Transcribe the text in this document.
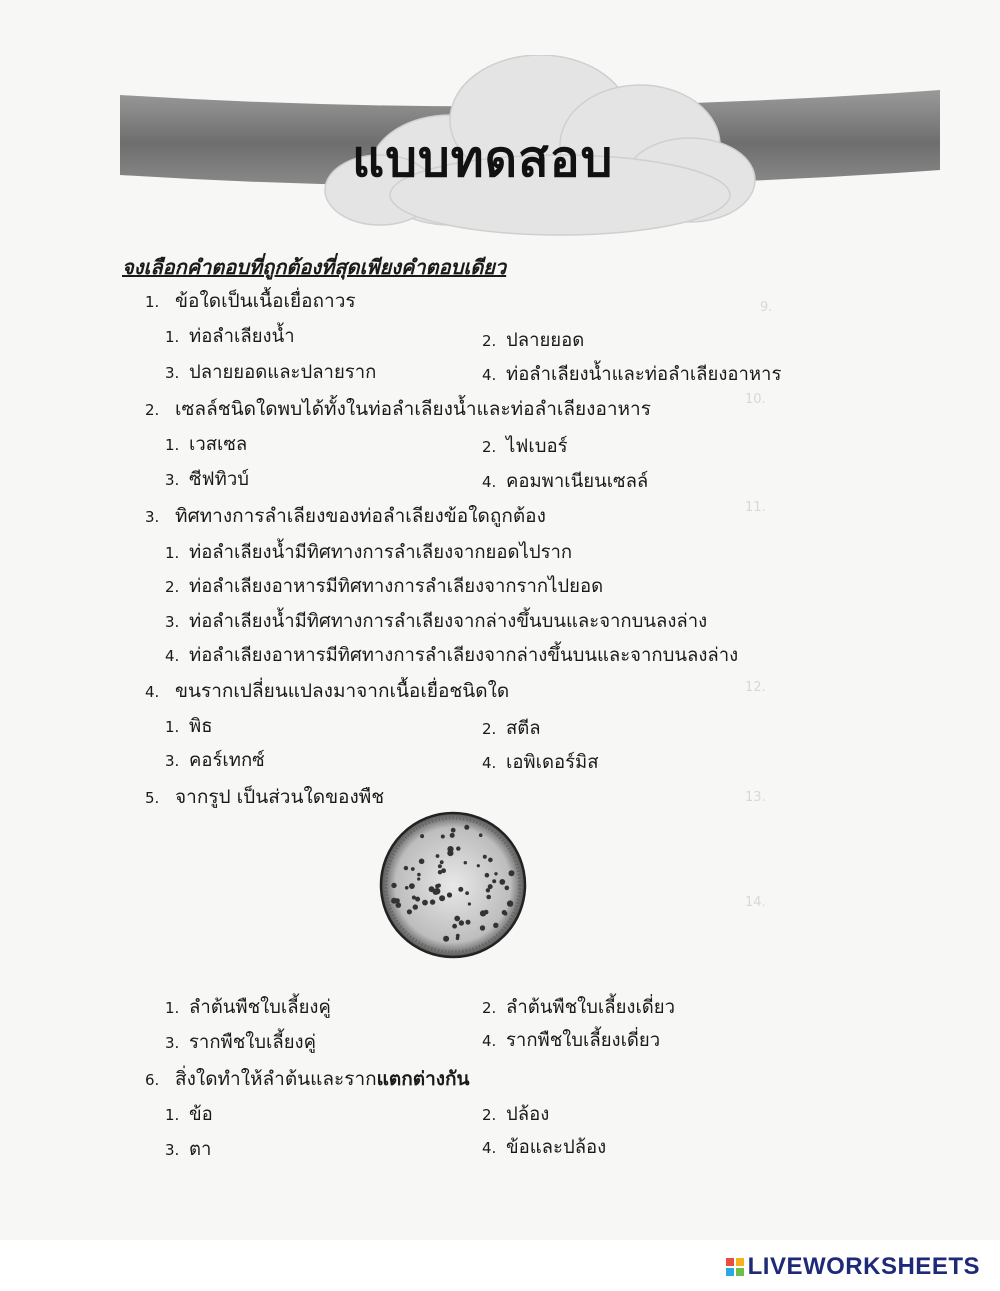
9.
10.
11.
12.
13.
14.
แบบทดสอบ
จงเลือกคำตอบที่ถูกต้องที่สุดเพียงคำตอบเดียว
1. ข้อใดเป็นเนื้อเยื่อถาวร
1. ท่อลำเลียงน้ำ	2. ปลายยอด
3. ปลายยอดและปลายราก	4. ท่อลำเลียงน้ำและท่อลำเลียงอาหาร
2. เซลล์ชนิดใดพบได้ทั้งในท่อลำเลียงน้ำและท่อลำเลียงอาหาร
1. เวสเซล	2. ไฟเบอร์
3. ซีฟทิวบ์	4. คอมพาเนียนเซลล์
3. ทิศทางการลำเลียงของท่อลำเลียงข้อใดถูกต้อง
1. ท่อลำเลียงน้ำมีทิศทางการลำเลียงจากยอดไปราก
2. ท่อลำเลียงอาหารมีทิศทางการลำเลียงจากรากไปยอด
3. ท่อลำเลียงน้ำมีทิศทางการลำเลียงจากล่างขึ้นบนและจากบนลงล่าง
4. ท่อลำเลียงอาหารมีทิศทางการลำเลียงจากล่างขึ้นบนและจากบนลงล่าง
4. ขนรากเปลี่ยนแปลงมาจากเนื้อเยื่อชนิดใด
1. พิธ	2. สตีล
3. คอร์เทกซ์	4. เอพิเดอร์มิส
5. จากรูป เป็นส่วนใดของพืช
1. ลำต้นพืชใบเลี้ยงคู่	2. ลำต้นพืชใบเลี้ยงเดี่ยว
3. รากพืชใบเลี้ยงคู่	4. รากพืชใบเลี้ยงเดี่ยว
6. สิ่งใดทำให้ลำต้นและรากแตกต่างกัน
1. ข้อ	2. ปล้อง
3. ตา	4. ข้อและปล้อง
LIVEWORKSHEETS
